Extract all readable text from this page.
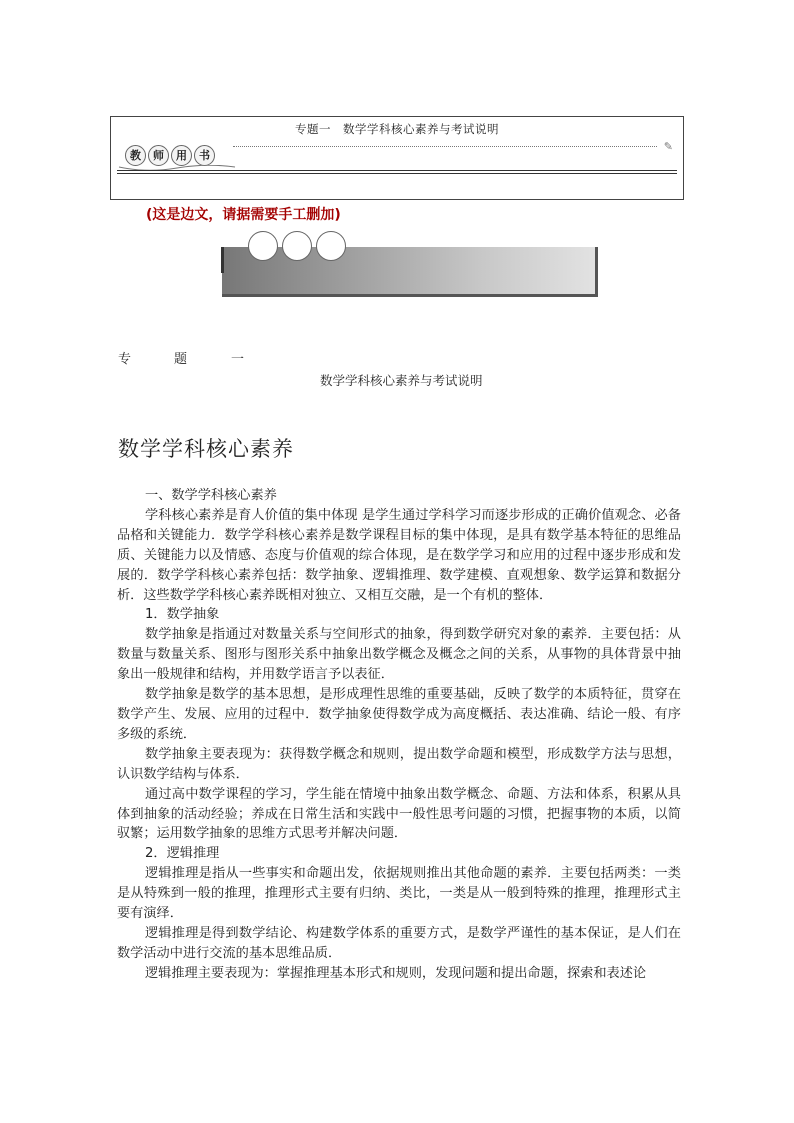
专题一　数学学科核心素养与考试说明
教	师	用	书
✎
(这是边文，请据需要手工删加)
专	题	一
数学学科核心素养与考试说明
数学学科核心素养

一、数学学科核心素养

学科核心素养是育人价值的集中体现 是学生通过学科学习而逐步形成的正确价值观念、必备品格和关键能力．数学学科核心素养是数学课程目标的集中体现，是具有数学基本特征的思维品质、关键能力以及情感、态度与价值观的综合体现，是在数学学习和应用的过程中逐步形成和发展的．数学学科核心素养包括：数学抽象、逻辑推理、数学建模、直观想象、数学运算和数据分析．这些数学学科核心素养既相对独立、又相互交融，是一个有机的整体．

1．数学抽象

数学抽象是指通过对数量关系与空间形式的抽象，得到数学研究对象的素养．主要包括：从数量与数量关系、图形与图形关系中抽象出数学概念及概念之间的关系，从事物的具体背景中抽象出一般规律和结构，并用数学语言予以表征．

数学抽象是数学的基本思想，是形成理性思维的重要基础，反映了数学的本质特征，贯穿在数学产生、发展、应用的过程中．数学抽象使得数学成为高度概括、表达准确、结论一般、有序多级的系统．

数学抽象主要表现为：获得数学概念和规则，提出数学命题和模型，形成数学方法与思想，认识数学结构与体系．

通过高中数学课程的学习，学生能在情境中抽象出数学概念、命题、方法和体系，积累从具体到抽象的活动经验；养成在日常生活和实践中一般性思考问题的习惯，把握事物的本质，以简驭繁；运用数学抽象的思维方式思考并解决问题．

2．逻辑推理

逻辑推理是指从一些事实和命题出发，依据规则推出其他命题的素养．主要包括两类：一类是从特殊到一般的推理，推理形式主要有归纳、类比，一类是从一般到特殊的推理，推理形式主要有演绎．

逻辑推理是得到数学结论、构建数学体系的重要方式，是数学严谨性的基本保证，是人们在数学活动中进行交流的基本思维品质．

逻辑推理主要表现为：掌握推理基本形式和规则，发现问题和提出命题，探索和表述论
